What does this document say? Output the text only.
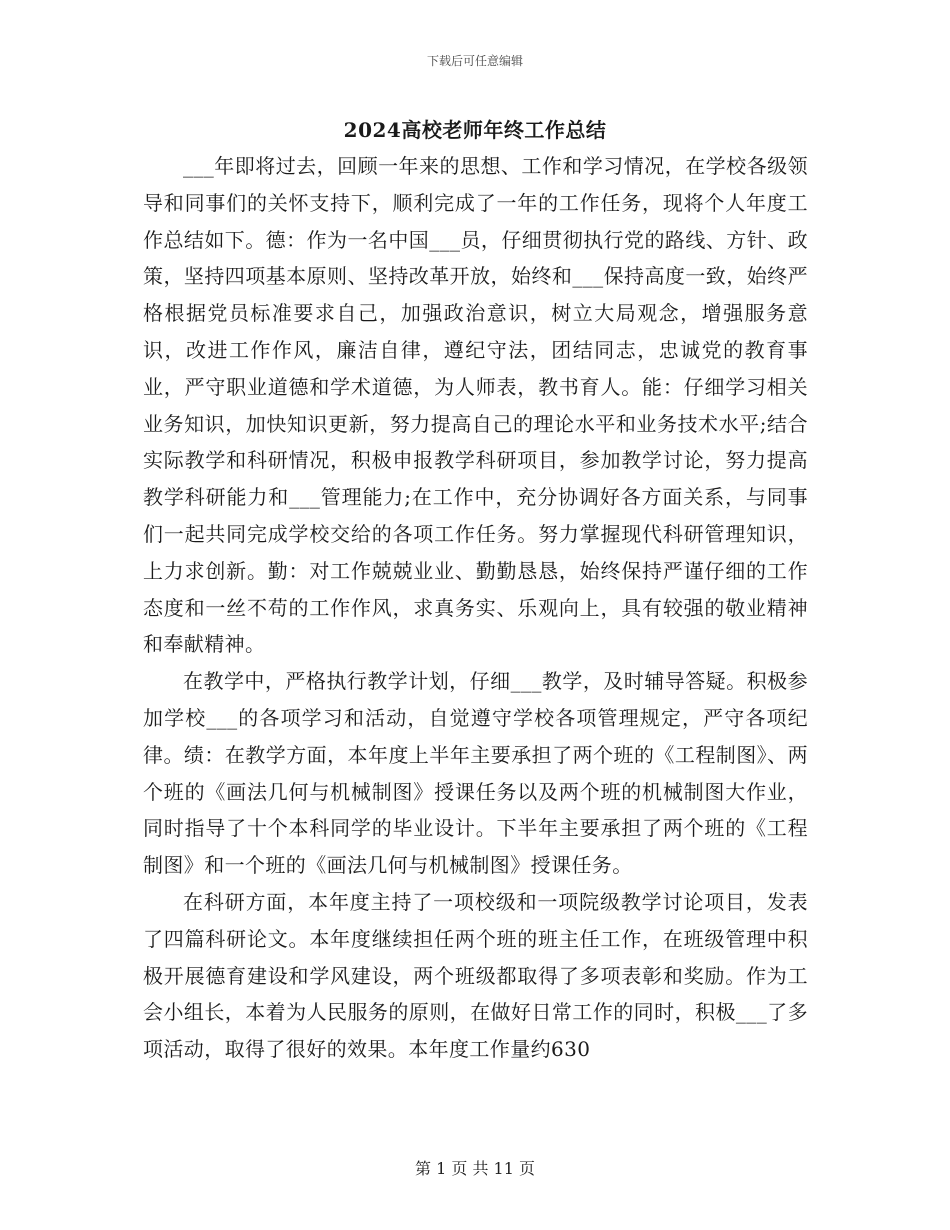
下载后可任意编辑
2024高校老师年终工作总结

___年即将过去，回顾一年来的思想、工作和学习情况，在学校各级领导和同事们的关怀支持下，顺利完成了一年的工作任务，现将个人年度工作总结如下。德：作为一名中国___员，仔细贯彻执行党的路线、方针、政策，坚持四项基本原则、坚持改革开放，始终和___保持高度一致，始终严格根据党员标准要求自己，加强政治意识，树立大局观念，增强服务意识，改进工作作风，廉洁自律，遵纪守法，团结同志，忠诚党的教育事业，严守职业道德和学术道德，为人师表，教书育人。能：仔细学习相关业务知识，加快知识更新，努力提高自己的理论水平和业务技术水平;结合实际教学和科研情况，积极申报教学科研项目，参加教学讨论，努力提高教学科研能力和___管理能力;在工作中，充分协调好各方面关系，与同事们一起共同完成学校交给的各项工作任务。努力掌握现代科研管理知识，上力求创新。勤：对工作兢兢业业、勤勤恳恳，始终保持严谨仔细的工作态度和一丝不苟的工作作风，求真务实、乐观向上，具有较强的敬业精神和奉献精神。

在教学中，严格执行教学计划，仔细___教学，及时辅导答疑。积极参加学校___的各项学习和活动，自觉遵守学校各项管理规定，严守各项纪律。绩：在教学方面，本年度上半年主要承担了两个班的《工程制图》、两个班的《画法几何与机械制图》授课任务以及两个班的机械制图大作业，同时指导了十个本科同学的毕业设计。下半年主要承担了两个班的《工程制图》和一个班的《画法几何与机械制图》授课任务。

在科研方面，本年度主持了一项校级和一项院级教学讨论项目，发表了四篇科研论文。本年度继续担任两个班的班主任工作，在班级管理中积极开展德育建设和学风建设，两个班级都取得了多项表彰和奖励。作为工会小组长，本着为人民服务的原则，在做好日常工作的同时，积极___了多项活动，取得了很好的效果。本年度工作量约630

第 1 页 共 11 页
